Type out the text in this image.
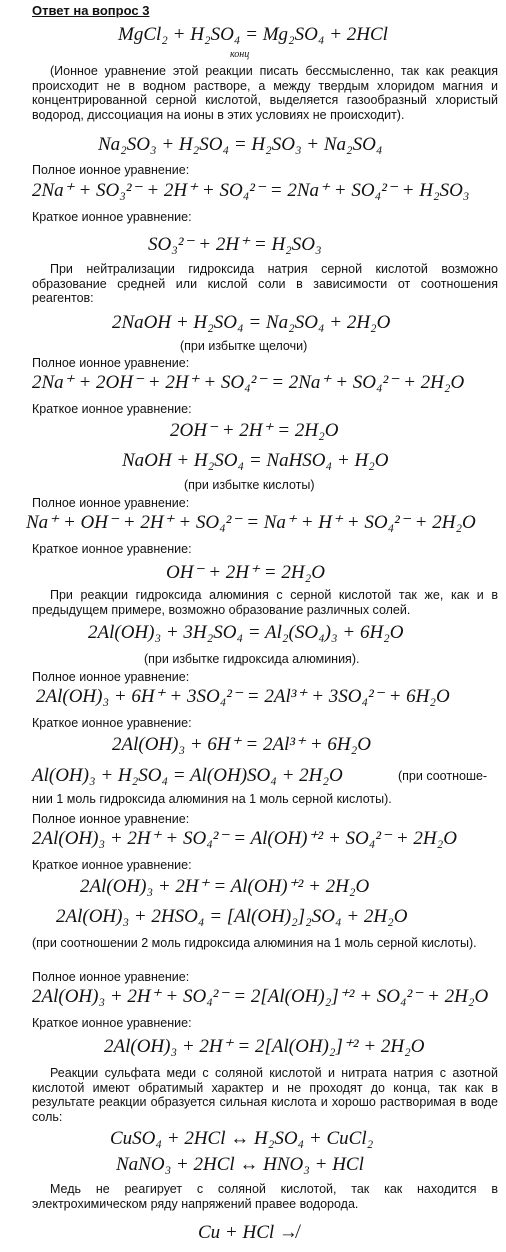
Ответ на вопрос 3
MgCl₂ + H₂SO₄ = Mg₂SO₄ + 2HCl
конц
(Ионное уравнение этой реакции писать бессмысленно, так как реакция происходит не в водном растворе, а между твердым хлоридом магния и концентрированной серной кислотой, выделяется газообразный хлористый водород, диссоциация на ионы в этих условиях не происходит).
Na₂SO₃ + H₂SO₄ = H₂SO₃ + Na₂SO₄
Полное ионное уравнение:
2Na⁺ + SO₃²⁻ + 2H⁺ + SO₄²⁻ = 2Na⁺ + SO₄²⁻ + H₂SO₃
Краткое ионное уравнение:
SO₃²⁻ + 2H⁺ = H₂SO₃
При нейтрализации гидроксида натрия серной кислотой возможно образование средней или кислой соли в зависимости от соотношения реагентов:
2NaOH + H₂SO₄ = Na₂SO₄ + 2H₂O
(при избытке щелочи)
Полное ионное уравнение:
2Na⁺ + 2OH⁻ + 2H⁺ + SO₄²⁻ = 2Na⁺ + SO₄²⁻ + 2H₂O
Краткое ионное уравнение:
2OH⁻ + 2H⁺ = 2H₂O
NaOH + H₂SO₄ = NaHSO₄ + H₂O
(при избытке кислоты)
Полное ионное уравнение:
Na⁺ + OH⁻ + 2H⁺ + SO₄²⁻ = Na⁺ + H⁺ + SO₄²⁻ + 2H₂O
Краткое ионное уравнение:
OH⁻ + 2H⁺ = 2H₂O
При реакции гидроксида алюминия с серной кислотой так же, как и в предыдущем примере, возможно образование различных солей.
2Al(OH)₃ + 3H₂SO₄ = Al₂(SO₄)₃ + 6H₂O
(при избытке гидроксида алюминия).
Полное ионное уравнение:
2Al(OH)₃ + 6H⁺ + 3SO₄²⁻ = 2Al³⁺ + 3SO₄²⁻ + 6H₂O
Краткое ионное уравнение:
2Al(OH)₃ + 6H⁺ = 2Al³⁺ + 6H₂O
Al(OH)₃ + H₂SO₄ = Al(OH)SO₄ + 2H₂O	(при соотноше-
нии 1 моль гидроксида алюминия на 1 моль серной кислоты).
Полное ионное уравнение:
2Al(OH)₃ + 2H⁺ + SO₄²⁻ = Al(OH)⁺² + SO₄²⁻ + 2H₂O
Краткое ионное уравнение:
2Al(OH)₃ + 2H⁺ = Al(OH)⁺² + 2H₂O
2Al(OH)₃ + 2HSO₄ = [Al(OH)₂]₂SO₄ + 2H₂O
(при соотношении 2 моль гидроксида алюминия на 1 моль серной кислоты).
Полное ионное уравнение:
2Al(OH)₃ + 2H⁺ + SO₄²⁻ = 2[Al(OH)₂]⁺² + SO₄²⁻ + 2H₂O
Краткое ионное уравнение:
2Al(OH)₃ + 2H⁺ = 2[Al(OH)₂]⁺² + 2H₂O
Реакции сульфата меди с соляной кислотой и нитрата натрия с азотной кислотой имеют обратимый характер и не проходят до конца, так как в результате реакции образуется сильная кислота и хорошо растворимая в воде соль:
CuSO₄ + 2HCl ↔ H₂SO₄ + CuCl₂
NaNO₃ + 2HCl ↔ HNO₃ + HCl
Медь не реагирует с соляной кислотой, так как находится в электрохимическом ряду напряжений правее водорода.
Cu + HCl ↛
